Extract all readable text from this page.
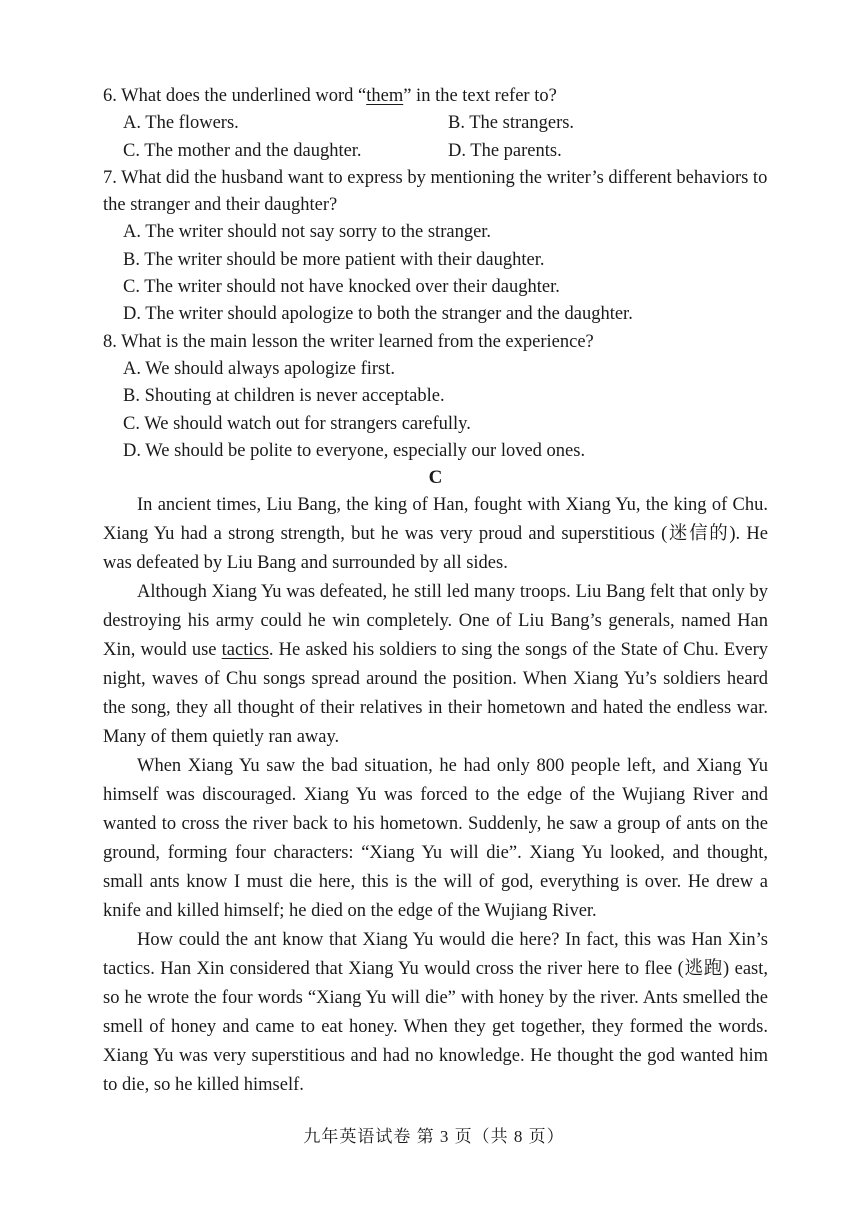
6. What does the underlined word “them” in the text refer to?
A. The flowers.	B. The strangers.
C. The mother and the daughter.	D. The parents.
7. What did the husband want to express by mentioning the writer’s different behaviors to the stranger and their daughter?
A. The writer should not say sorry to the stranger.
B. The writer should be more patient with their daughter.
C. The writer should not have knocked over their daughter.
D. The writer should apologize to both the stranger and the daughter.
8. What is the main lesson the writer learned from the experience?
A. We should always apologize first.
B. Shouting at children is never acceptable.
C. We should watch out for strangers carefully.
D. We should be polite to everyone, especially our loved ones.

C

In ancient times, Liu Bang, the king of Han, fought with Xiang Yu, the king of Chu. Xiang Yu had a strong strength, but he was very proud and superstitious (迷信的). He was defeated by Liu Bang and surrounded by all sides.

Although Xiang Yu was defeated, he still led many troops. Liu Bang felt that only by destroying his army could he win completely. One of Liu Bang’s generals, named Han Xin, would use tactics. He asked his soldiers to sing the songs of the State of Chu. Every night, waves of Chu songs spread around the position. When Xiang Yu’s soldiers heard the song, they all thought of their relatives in their hometown and hated the endless war. Many of them quietly ran away.

When Xiang Yu saw the bad situation, he had only 800 people left, and Xiang Yu himself was discouraged. Xiang Yu was forced to the edge of the Wujiang River and wanted to cross the river back to his hometown. Suddenly, he saw a group of ants on the ground, forming four characters: “Xiang Yu will die”. Xiang Yu looked, and thought, small ants know I must die here, this is the will of god, everything is over. He drew a knife and killed himself; he died on the edge of the Wujiang River.

How could the ant know that Xiang Yu would die here? In fact, this was Han Xin’s tactics. Han Xin considered that Xiang Yu would cross the river here to flee (逃跑) east, so he wrote the four words “Xiang Yu will die” with honey by the river. Ants smelled the smell of honey and came to eat honey. When they get together, they formed the words. Xiang Yu was very superstitious and had no knowledge. He thought the god wanted him to die, so he killed himself.

九年英语试卷 第 3 页（共 8 页）
